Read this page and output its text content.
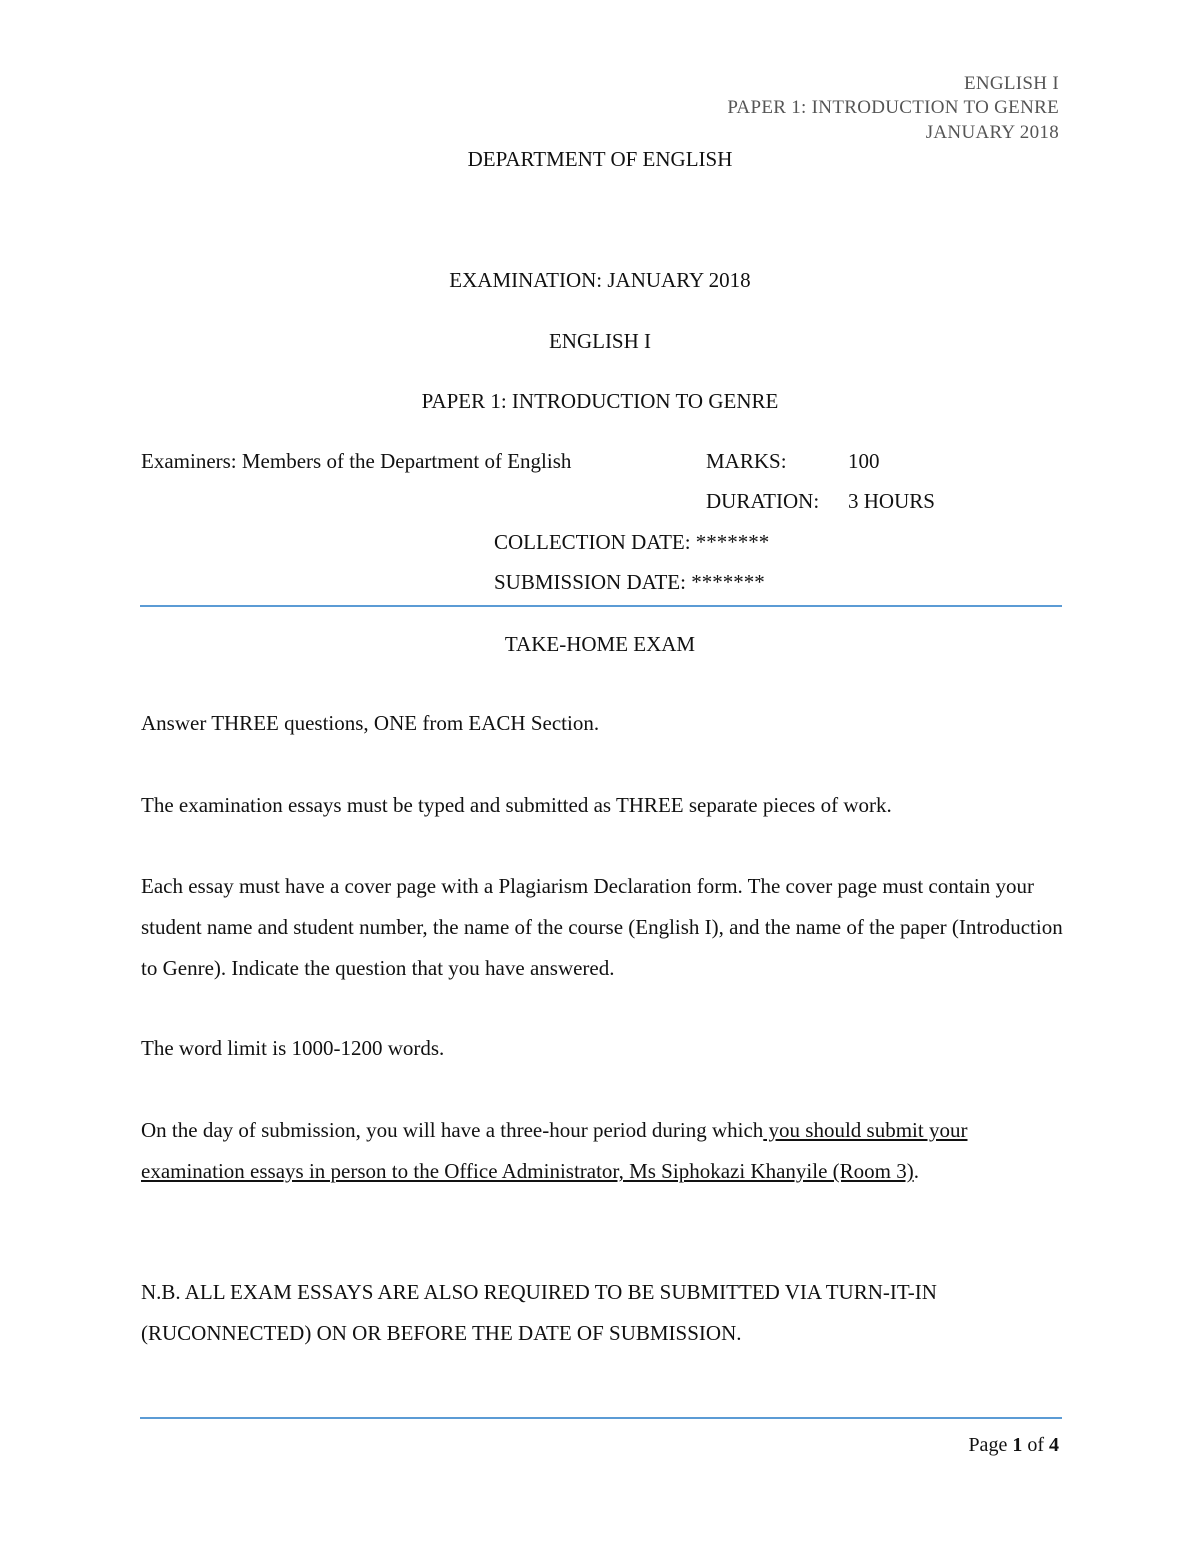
ENGLISH I
PAPER 1: INTRODUCTION TO GENRE
JANUARY 2018
DEPARTMENT OF ENGLISH
EXAMINATION: JANUARY 2018
ENGLISH I
PAPER 1: INTRODUCTION TO GENRE
Examiners: Members of the Department of English	MARKS:	100
DURATION: 3 HOURS
COLLECTION DATE: *******
SUBMISSION DATE: *******
TAKE-HOME EXAM
Answer THREE questions, ONE from EACH Section.
The examination essays must be typed and submitted as THREE separate pieces of work.
Each essay must have a cover page with a Plagiarism Declaration form. The cover page must contain your student name and student number, the name of the course (English I), and the name of the paper (Introduction to Genre). Indicate the question that you have answered.
The word limit is 1000-1200 words.
On the day of submission, you will have a three-hour period during which you should submit your examination essays in person to the Office Administrator, Ms Siphokazi Khanyile (Room 3).
N.B. ALL EXAM ESSAYS ARE ALSO REQUIRED TO BE SUBMITTED VIA TURN-IT-IN (RUCONNECTED) ON OR BEFORE THE DATE OF SUBMISSION.
Page 1 of 4
